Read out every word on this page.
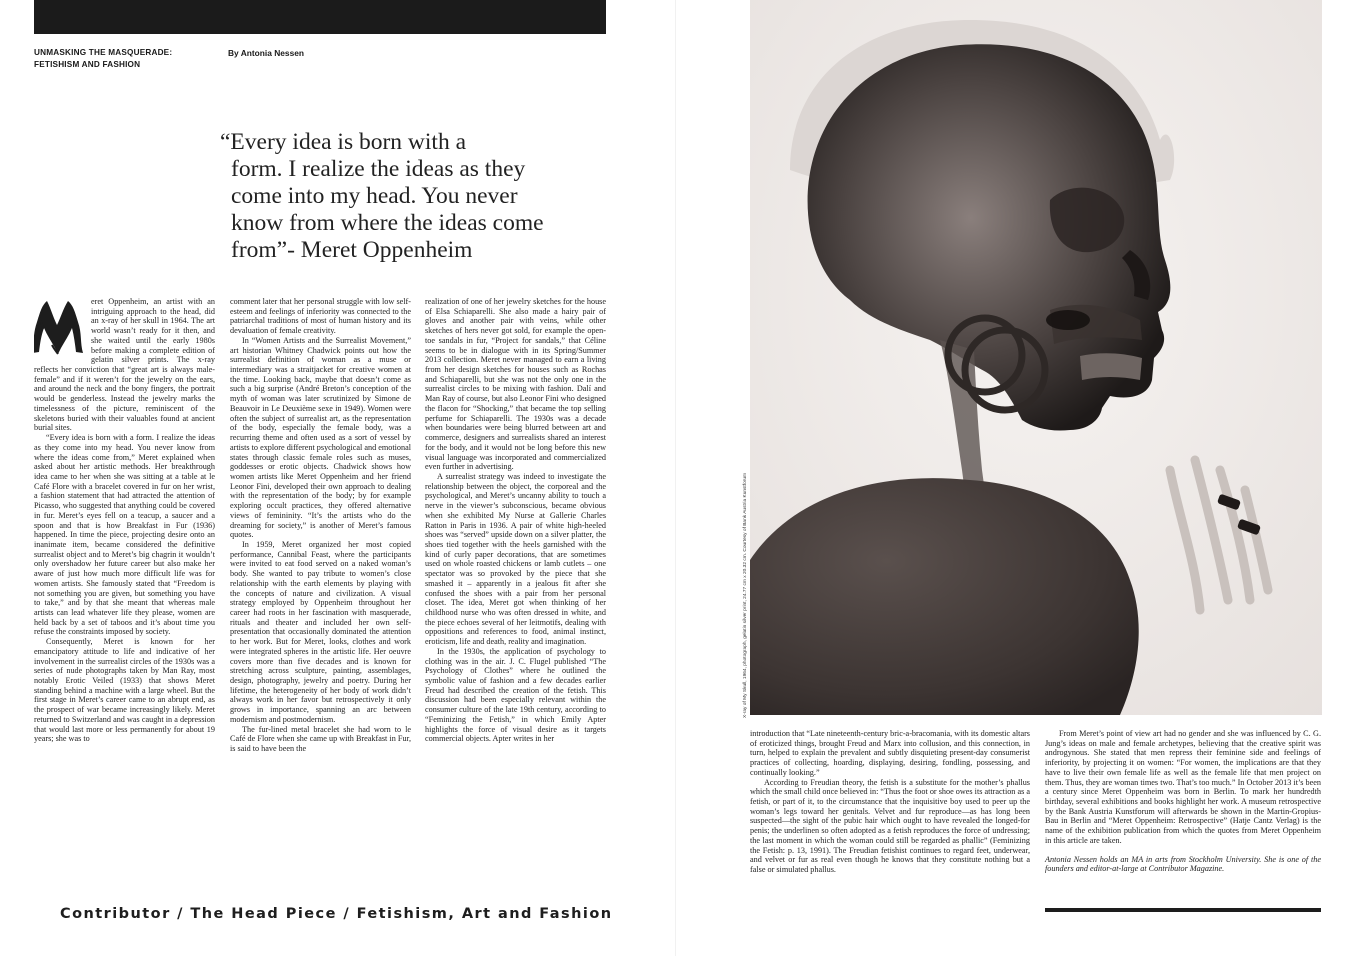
UNMASKING THE MASQUERADE:
FETISHISM AND FASHION
By Antonia Nessen
“Every idea is born with a
form. I realize the ideas as they
come into my head. You never
know from where the ideas come
from”- Meret Oppenheim

eret Oppenheim, an artist with an intriguing approach to the head, did an x-ray of her skull in 1964. The art world wasn’t ready for it then, and she waited until the early 1980s before making a complete edition of gelatin silver prints. The x-ray reflects her conviction that “great art is always male-female” and if it weren’t for the jewelry on the ears, and around the neck and the bony fingers, the portrait would be genderless. Instead the jewelry marks the timelessness of the picture, reminiscent of the skeletons buried with their valuables found at ancient burial sites.

“Every idea is born with a form. I realize the ideas as they come into my head. You never know from where the ideas come from,” Meret explained when asked about her artistic methods. Her breakthrough idea came to her when she was sitting at a table at le Café Flore with a bracelet covered in fur on her wrist, a fashion statement that had attracted the attention of Picasso, who suggested that anything could be covered in fur. Meret’s eyes fell on a teacup, a saucer and a spoon and that is how Breakfast in Fur (1936) happened. In time the piece, projecting desire onto an inanimate item, became considered the definitive surrealist object and to Meret’s big chagrin it wouldn’t only overshadow her future career but also make her aware of just how much more difficult life was for women artists. She famously stated that “Freedom is not something you are given, but something you have to take,” and by that she meant that whereas male artists can lead whatever life they please, women are held back by a set of taboos and it’s about time you refuse the constraints imposed by society.

Consequently, Meret is known for her emancipatory attitude to life and indicative of her involvement in the surrealist circles of the 1930s was a series of nude photographs taken by Man Ray, most notably Erotic Veiled (1933) that shows Meret standing behind a machine with a large wheel. But the first stage in Meret’s career came to an abrupt end, as the prospect of war became increasingly likely. Meret returned to Switzerland and was caught in a depression that would last more or less permanently for about 19 years; she was to

comment later that her personal struggle with low self-esteem and feelings of inferiority was connected to the patriarchal traditions of most of human history and its devaluation of female creativity.

In “Women Artists and the Surrealist Movement,” art historian Whitney Chadwick points out how the surrealist definition of woman as a muse or intermediary was a straitjacket for creative women at the time. Looking back, maybe that doesn’t come as such a big surprise (André Breton’s conception of the myth of woman was later scrutinized by Simone de Beauvoir in Le Deuxième sexe in 1949). Women were often the subject of surrealist art, as the representation of the body, especially the female body, was a recurring theme and often used as a sort of vessel by artists to explore different psychological and emotional states through classic female roles such as muses, goddesses or erotic objects. Chadwick shows how women artists like Meret Oppenheim and her friend Leonor Fini, developed their own approach to dealing with the representation of the body; by for example exploring occult practices, they offered alternative views of femininity. “It’s the artists who do the dreaming for society,” is another of Meret’s famous quotes.

In 1959, Meret organized her most copied performance, Cannibal Feast, where the participants were invited to eat food served on a naked woman’s body. She wanted to pay tribute to women’s close relationship with the earth elements by playing with the concepts of nature and civilization. A visual strategy employed by Oppenheim throughout her career had roots in her fascination with masquerade, rituals and theater and included her own self-presentation that occasionally dominated the attention to her work. But for Meret, looks, clothes and work were integrated spheres in the artistic life. Her oeuvre covers more than five decades and is known for stretching across sculpture, painting, assemblages, design, photography, jewelry and poetry. During her lifetime, the heterogeneity of her body of work didn’t always work in her favor but retrospectively it only grows in importance, spanning an arc between modernism and postmodernism.

The fur-lined metal bracelet she had worn to le Café de Flore when she came up with Breakfast in Fur, is said to have been the

realization of one of her jewelry sketches for the house of Elsa Schiaparelli. She also made a hairy pair of gloves and another pair with veins, while other sketches of hers never got sold, for example the open-toe sandals in fur, “Project for sandals,” that Céline seems to be in dialogue with in its Spring/Summer 2013 collection. Meret never managed to earn a living from her design sketches for houses such as Rochas and Schiaparelli, but she was not the only one in the surrealist circles to be mixing with fashion. Dalí and Man Ray of course, but also Leonor Fini who designed the flacon for “Shocking,” that became the top selling perfume for Schiaparelli. The 1930s was a decade when boundaries were being blurred between art and commerce, designers and surrealists shared an interest for the body, and it would not be long before this new visual language was incorporated and commercialized even further in advertising.

A surrealist strategy was indeed to investigate the relationship between the object, the corporeal and the psychological, and Meret’s uncanny ability to touch a nerve in the viewer’s subconscious, became obvious when she exhibited My Nurse at Gallerie Charles Ratton in Paris in 1936. A pair of white high-heeled shoes was “served” upside down on a silver platter, the shoes tied together with the heels garnished with the kind of curly paper decorations, that are sometimes used on whole roasted chickens or lamb cutlets – one spectator was so provoked by the piece that she smashed it – apparently in a jealous fit after she confused the shoes with a pair from her personal closet. The idea, Meret got when thinking of her childhood nurse who was often dressed in white, and the piece echoes several of her leitmotifs, dealing with oppositions and references to food, animal instinct, eroticism, life and death, reality and imagination.

In the 1930s, the application of psychology to clothing was in the air. J. C. Flugel published “The Psychology of Clothes” where he outlined the symbolic value of fashion and a few decades earlier Freud had described the creation of the fetish. This discussion had been especially relevant within the consumer culture of the late 19th century, according to “Feminizing the Fetish,” in which Emily Apter highlights the force of visual desire as it targets commercial objects. Apter writes in her

Contributor / The Head Piece / Fetishism, Art and Fashion
X-ray of My Skull, 1964, photograph, gelatin silver print, 24.77 cm x 20.32 cm. Courtesy of Bank Austria Kunstforum

introduction that “Late nineteenth-century bric-a-bracomania, with its domestic altars of eroticized things, brought Freud and Marx into collusion, and this connection, in turn, helped to explain the prevalent and subtly disquieting present-day consumerist practices of collecting, hoarding, displaying, desiring, fondling, possessing, and continually looking.”

According to Freudian theory, the fetish is a substitute for the mother’s phallus which the small child once believed in: “Thus the foot or shoe owes its attraction as a fetish, or part of it, to the circumstance that the inquisitive boy used to peer up the woman’s legs toward her genitals. Velvet and fur reproduce—as has long been suspected—the sight of the pubic hair which ought to have revealed the longed-for penis; the underlinen so often adopted as a fetish reproduces the force of undressing; the last moment in which the woman could still be regarded as phallic” (Feminizing the Fetish: p. 13, 1991). The Freudian fetishist continues to regard feet, underwear, and velvet or fur as real even though he knows that they constitute nothing but a false or simulated phallus.

From Meret’s point of view art had no gender and she was influenced by C. G. Jung’s ideas on male and female archetypes, believing that the creative spirit was androgynous. She stated that men repress their feminine side and feelings of inferiority, by projecting it on women: “For women, the implications are that they have to live their own female life as well as the female life that men project on them. Thus, they are woman times two. That’s too much.” In October 2013 it’s been a century since Meret Oppenheim was born in Berlin. To mark her hundredth birthday, several exhibitions and books highlight her work. A museum retrospective by the Bank Austria Kunstforum will afterwards be shown in the Martin-Gropius-Bau in Berlin and “Meret Oppenheim: Retrospective” (Hatje Cantz Verlag) is the name of the exhibition publication from which the quotes from Meret Oppenheim in this article are taken.

Antonia Nessen holds an MA in arts from Stockholm University. She is one of the founders and editor-at-large at Contributor Magazine.
